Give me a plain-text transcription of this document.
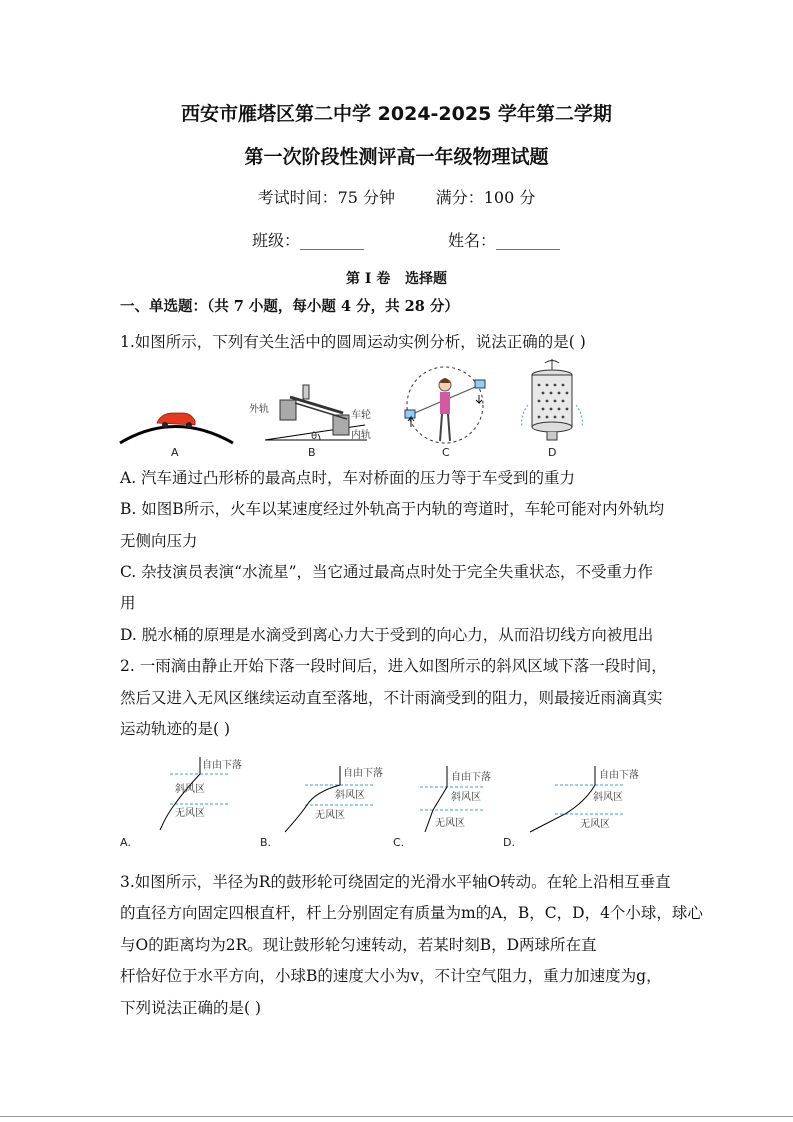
西安市雁塔区第二中学 2024-2025 学年第二学期
第一次阶段性测评高一年级物理试题
考试时间：75 分钟        满分：100 分
班级：________	姓名：________
第 I 卷   选择题
一、单选题：（共 7 小题，每小题 4 分，共 28 分）
1.如图所示，下列有关生活中的圆周运动实例分析，说法正确的是( )
A
外轨
车轮
内轨
θ
B	C	D
A. 汽车通过凸形桥的最高点时，车对桥面的压力等于车受到的重力
B. 如图B所示，火车以某速度经过外轨高于内轨的弯道时，车轮可能对内外轨均
无侧向压力
C. 杂技演员表演“水流星”，当它通过最高点时处于完全失重状态，不受重力作
用
D. 脱水桶的原理是水滴受到离心力大于受到的向心力，从而沿切线方向被甩出
2. 一雨滴由静止开始下落一段时间后，进入如图所示的斜风区域下落一段时间，
然后又进入无风区继续运动直至落地，不计雨滴受到的阻力，则最接近雨滴真实
运动轨迹的是( )
自由下落
斜风区
无风区
A.
自由下落
斜风区
无风区
B.
自由下落
斜风区
无风区
C.
自由下落
斜风区
无风区
D.
3.如图所示，半径为R的鼓形轮可绕固定的光滑水平轴O转动。在轮上沿相互垂直
的直径方向固定四根直杆，杆上分别固定有质量为m的A，B，C，D，4个小球，球心
与O的距离均为2R。现让鼓形轮匀速转动，若某时刻B，D两球所在直
杆恰好位于水平方向，小球B的速度大小为v，不计空气阻力，重力加速度为g，
下列说法正确的是( )
